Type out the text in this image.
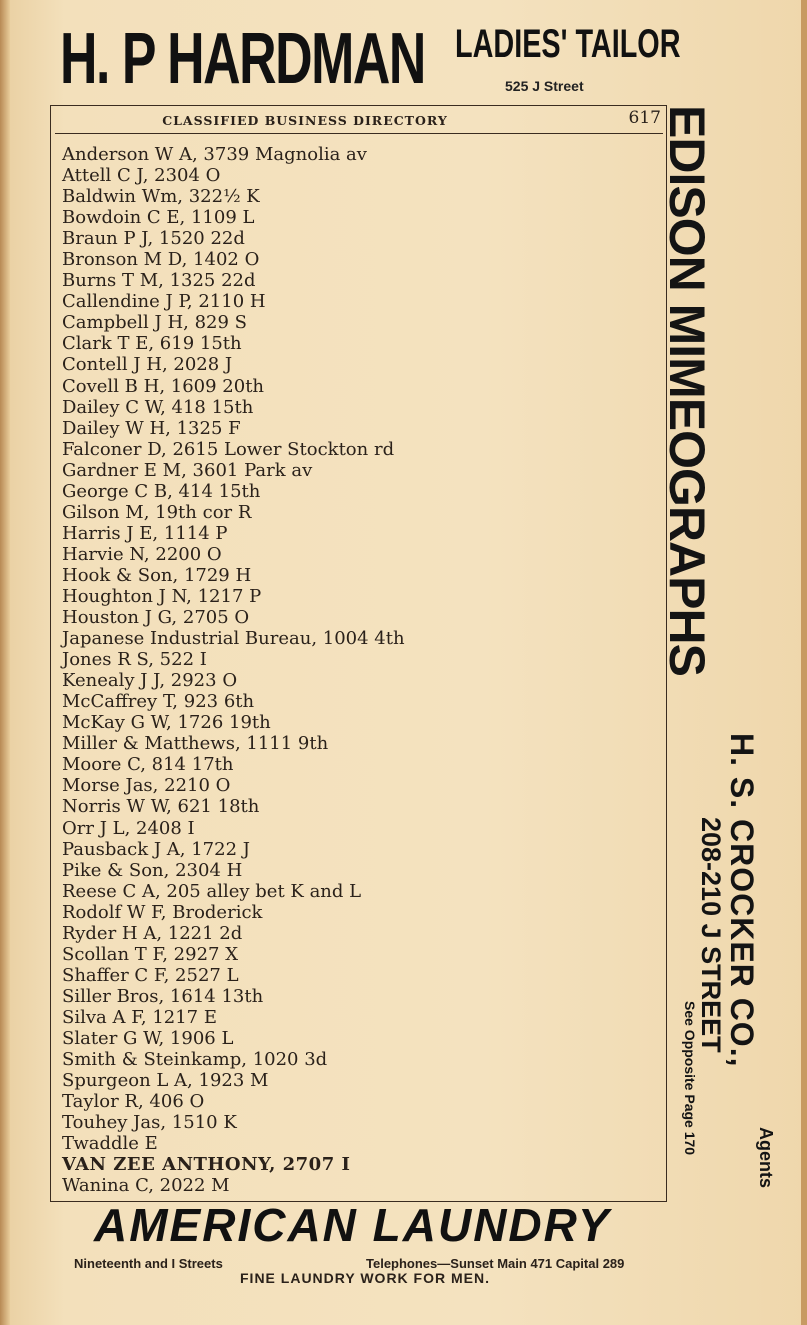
H. P HARDMAN LADIES' TAILOR
525 J Street
CLASSIFIED BUSINESS DIRECTORY	617
Anderson W A, 3739 Magnolia av
Attell C J, 2304 O
Baldwin Wm, 322½ K
Bowdoin C E, 1109 L
Braun P J, 1520 22d
Bronson M D, 1402 O
Burns T M, 1325 22d
Callendine J P, 2110 H
Campbell J H, 829 S
Clark T E, 619 15th
Contell J H, 2028 J
Covell B H, 1609 20th
Dailey C W, 418 15th
Dailey W H, 1325 F
Falconer D, 2615 Lower Stockton rd
Gardner E M, 3601 Park av
George C B, 414 15th
Gilson M, 19th cor R
Harris J E, 1114 P
Harvie N, 2200 O
Hook & Son, 1729 H
Houghton J N, 1217 P
Houston J G, 2705 O
Japanese Industrial Bureau, 1004 4th
Jones R S, 522 I
Kenealy J J, 2923 O
McCaffrey T, 923 6th
McKay G W, 1726 19th
Miller & Matthews, 1111 9th
Moore C, 814 17th
Morse Jas, 2210 O
Norris W W, 621 18th
Orr J L, 2408 I
Pausback J A, 1722 J
Pike & Son, 2304 H
Reese C A, 205 alley bet K and L
Rodolf W F, Broderick
Ryder H A, 1221 2d
Scollan T F, 2927 X
Shaffer C F, 2527 L
Siller Bros, 1614 13th
Silva A F, 1217 E
Slater G W, 1906 L
Smith & Steinkamp, 1020 3d
Spurgeon L A, 1923 M
Taylor R, 406 O
Touhey Jas, 1510 K
Twaddle E
VAN ZEE ANTHONY, 2707 I
Wanina C, 2022 M
EDISON MIMEOGRAPHS
H. S. CROCKER CO.,
208-210 J STREET
Agents
See Opposite Page 170
AMERICAN LAUNDRY
Nineteenth and I Streets	Telephones—Sunset Main 471 Capital 289
FINE LAUNDRY WORK FOR MEN.
